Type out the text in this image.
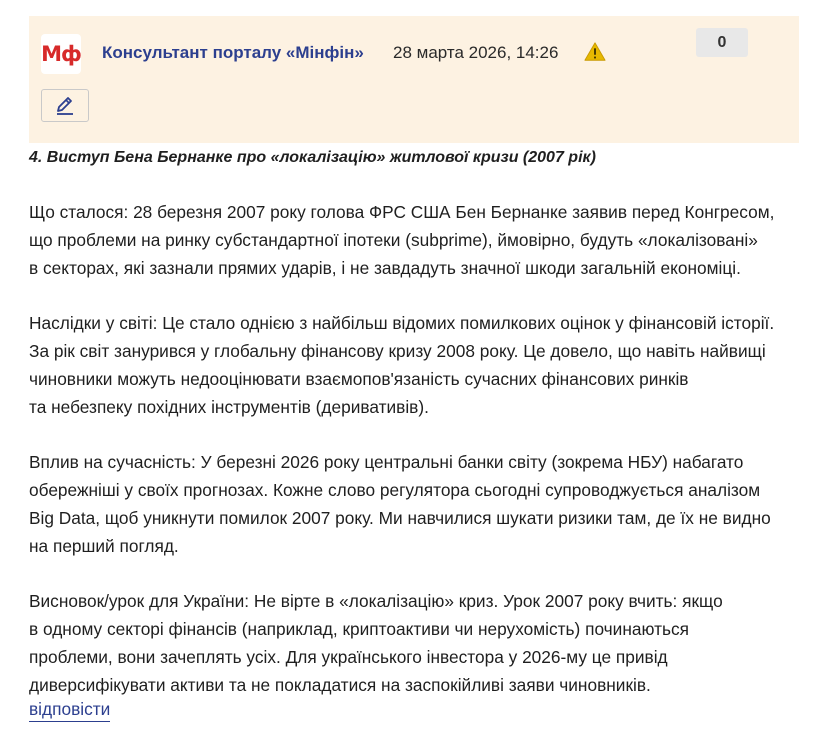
Мф Консультант порталу «Мінфін» 28 марта 2026, 14:26
0

4. Виступ Бена Бернанке про «локалізацію» житлової кризи (2007 рік)

Що сталося: 28 березня 2007 року голова ФРС США Бен Бернанке заявив перед Конгресом,
що проблеми на ринку субстандартної іпотеки (subprime), ймовірно, будуть «локалізовані»
в секторах, які зазнали прямих ударів, і не завдадуть значної шкоди загальній економіці.

Наслідки у світі: Це стало однією з найбільш відомих помилкових оцінок у фінансовій історії.
За рік світ занурився у глобальну фінансову кризу 2008 року. Це довело, що навіть найвищі
чиновники можуть недооцінювати взаємопов'язаність сучасних фінансових ринків
та небезпеку похідних інструментів (деривативів).

Вплив на сучасність: У березні 2026 року центральні банки світу (зокрема НБУ) набагато
обережніші у своїх прогнозах. Кожне слово регулятора сьогодні супроводжується аналізом
Big Data, щоб уникнути помилок 2007 року. Ми навчилися шукати ризики там, де їх не видно
на перший погляд.

Висновок/урок для України: Не вірте в «локалізацію» криз. Урок 2007 року вчить: якщо
в одному секторі фінансів (наприклад, криптоактиви чи нерухомість) починаються
проблеми, вони зачеплять усіх. Для українського інвестора у 2026-му це привід
диверсифікувати активи та не покладатися на заспокійливі заяви чиновників.

відповісти
